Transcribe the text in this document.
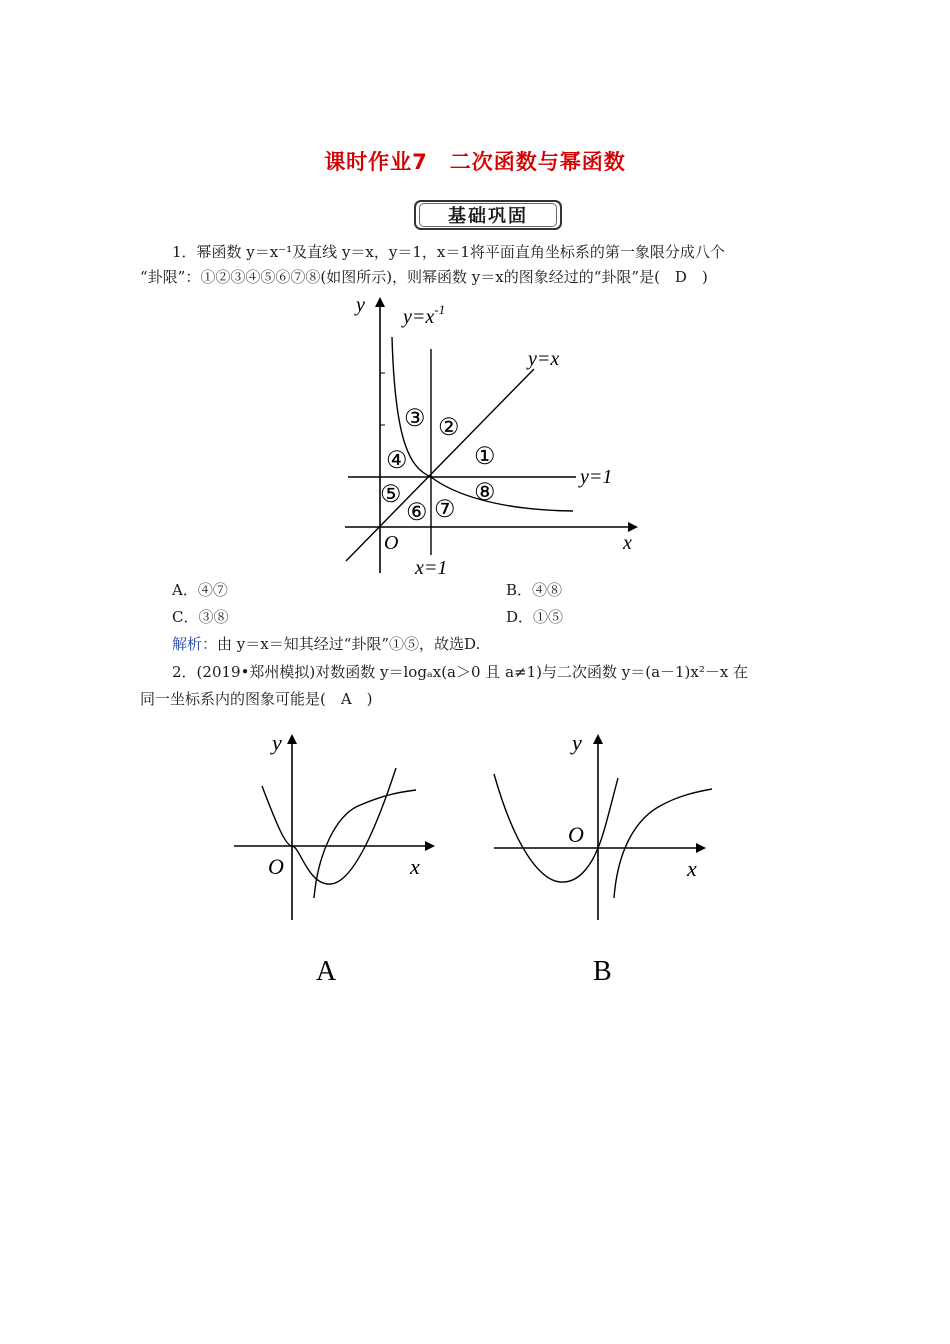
课时作业7　二次函数与幂函数
基础巩固
1．幂函数 y＝x⁻¹及直线 y＝x，y＝1，x＝1将平面直角坐标系的第一象限分成八个
“卦限”：①②③④⑤⑥⑦⑧(如图所示)，则幂函数 y＝x的图象经过的“卦限”是(　D　)
y
x
O
$y=x^{-1}$
y=x
y=1
x=1
①
②
③
④
⑤
⑥ ⑦
⑧
A．④⑦	B．④⑧
C．③⑧	D．①⑤
解析：由 y＝x＝知其经过“卦限”①⑤，故选D.
2．(2019•郑州模拟)对数函数 y＝logₐx(a＞0 且 a≠1)与二次函数 y＝(a－1)x²－x 在
同一坐标系内的图象可能是(　A　)
y
x
O
A
y
x
O
B
